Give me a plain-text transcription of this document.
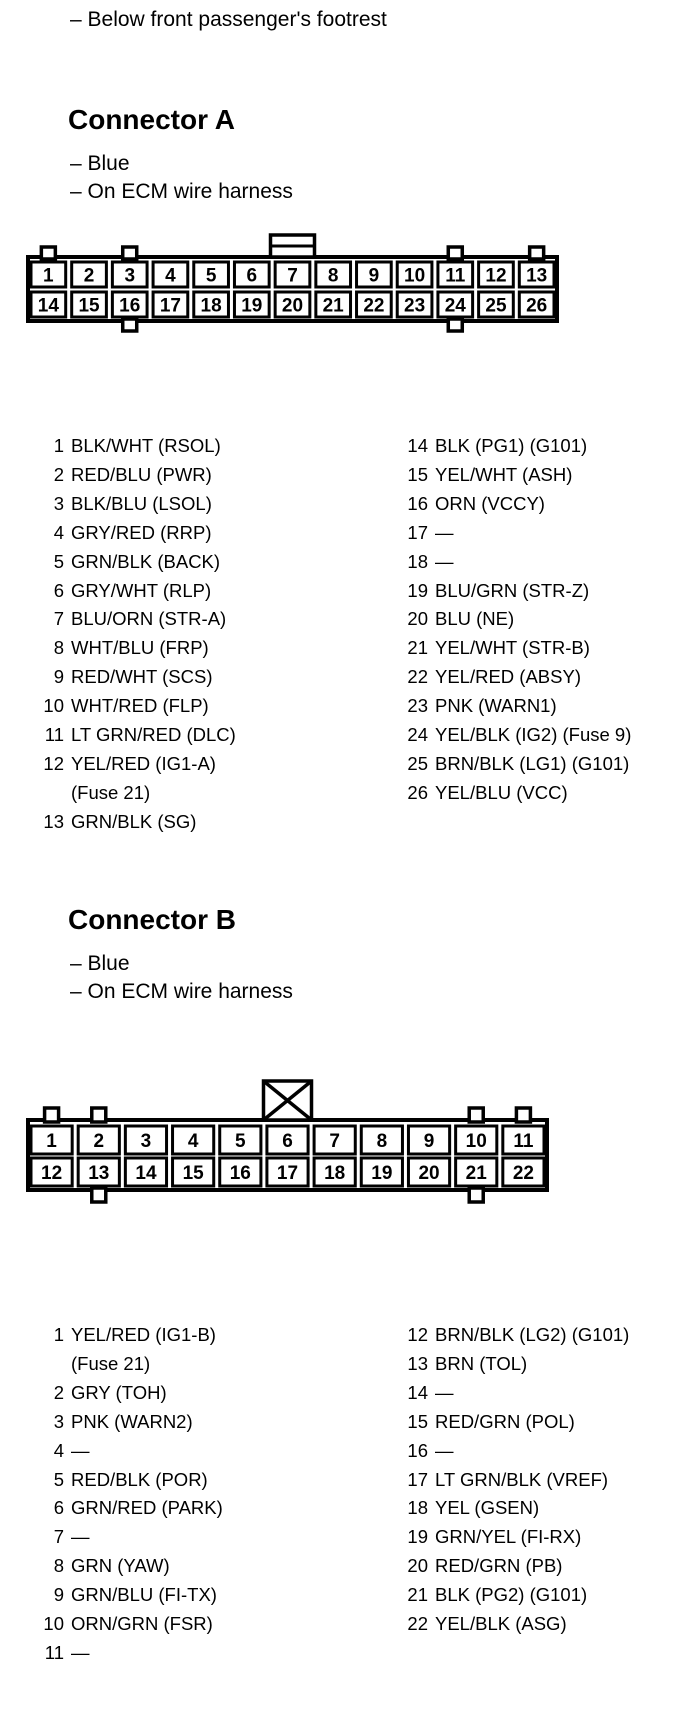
– Below front passenger's footrest
Connector A
– Blue
– On ECM wire harness
1 2 3 4 5 6 7 8 9 10 11 12 13
14 15 16 17 18 19 20 21 22 23 24 25 26
1 BLK/WHT (RSOL)
2 RED/BLU (PWR)
3 BLK/BLU (LSOL)
4 GRY/RED (RRP)
5 GRN/BLK (BACK)
6 GRY/WHT (RLP)
7 BLU/ORN (STR-A)
8 WHT/BLU (FRP)
9 RED/WHT (SCS)
10 WHT/RED (FLP)
11 LT GRN/RED (DLC)
12 YEL/RED (IG1-A)
(Fuse 21)
13 GRN/BLK (SG)
14 BLK (PG1) (G101)
15 YEL/WHT (ASH)
16 ORN (VCCY)
17 —
18 —
19 BLU/GRN (STR-Z)
20 BLU (NE)
21 YEL/WHT (STR-B)
22 YEL/RED (ABSY)
23 PNK (WARN1)
24 YEL/BLK (IG2) (Fuse 9)
25 BRN/BLK (LG1) (G101)
26 YEL/BLU (VCC)
Connector B
– Blue
– On ECM wire harness
1 2 3 4 5 6 7 8 9 10 11
12 13 14 15 16 17 18 19 20 21 22
1 YEL/RED (IG1-B)
(Fuse 21)
2 GRY (TOH)
3 PNK (WARN2)
4 —
5 RED/BLK (POR)
6 GRN/RED (PARK)
7 —
8 GRN (YAW)
9 GRN/BLU (FI-TX)
10 ORN/GRN (FSR)
11 —
12 BRN/BLK (LG2) (G101)
13 BRN (TOL)
14 —
15 RED/GRN (POL)
16 —
17 LT GRN/BLK (VREF)
18 YEL (GSEN)
19 GRN/YEL (FI-RX)
20 RED/GRN (PB)
21 BLK (PG2) (G101)
22 YEL/BLK (ASG)
